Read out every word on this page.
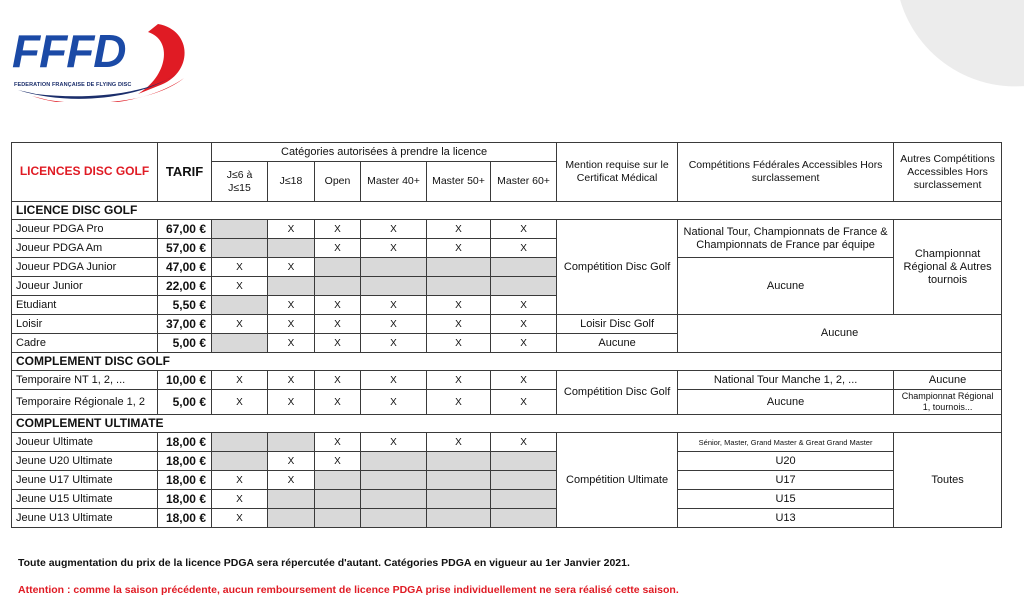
FFFD
FEDERATION FRANÇAISE DE FLYING DISC
LICENCES DISC GOLF	TARIF	Catégories autorisées à prendre la licence						Mention requise sur le Certificat Médical	Compétitions Fédérales Accessibles Hors surclassement	Autres Compétitions Accessibles Hors surclassement
		J≤6 à J≤15	J≤18	Open	Master 40+	Master 50+	Master 60+			
LICENCE DISC GOLF										
Joueur PDGA Pro	67,00 €		X	X	X	X	X	Compétition Disc Golf	National Tour, Championnats de France & Championnats de France par équipe	Championnat Régional & Autres tournois
Joueur PDGA Am	57,00 €			X	X	X	X			
Joueur PDGA Junior	47,00 €	X	X						Aucune	
Joueur Junior	22,00 €	X								
Etudiant	5,50 €		X	X	X	X	X			
Loisir	37,00 €	X	X	X	X	X	X	Loisir Disc Golf	Aucune	
Cadre	5,00 €		X	X	X	X	X	Aucune		
COMPLEMENT DISC GOLF										
Temporaire NT 1, 2, ...	10,00 €	X	X	X	X	X	X	Compétition Disc Golf	National Tour Manche 1, 2, ...	Aucune
Temporaire Régionale 1, 2	5,00 €	X	X	X	X	X	X		Aucune	Championnat Régional 1, tournois...
COMPLEMENT ULTIMATE										
Joueur Ultimate	18,00 €			X	X	X	X	Compétition Ultimate	Sénior, Master, Grand Master & Great Grand Master	Toutes
Jeune U20 Ultimate	18,00 €		X	X					U20	
Jeune U17 Ultimate	18,00 €	X	X						U17	
Jeune U15 Ultimate	18,00 €	X							U15	
Jeune U13 Ultimate	18,00 €	X							U13	
Toute augmentation du prix de la licence PDGA sera répercutée d'autant. Catégories PDGA en vigueur au 1er Janvier 2021.
Attention : comme la saison précédente, aucun remboursement de licence PDGA prise individuellement ne sera réalisé cette saison.
